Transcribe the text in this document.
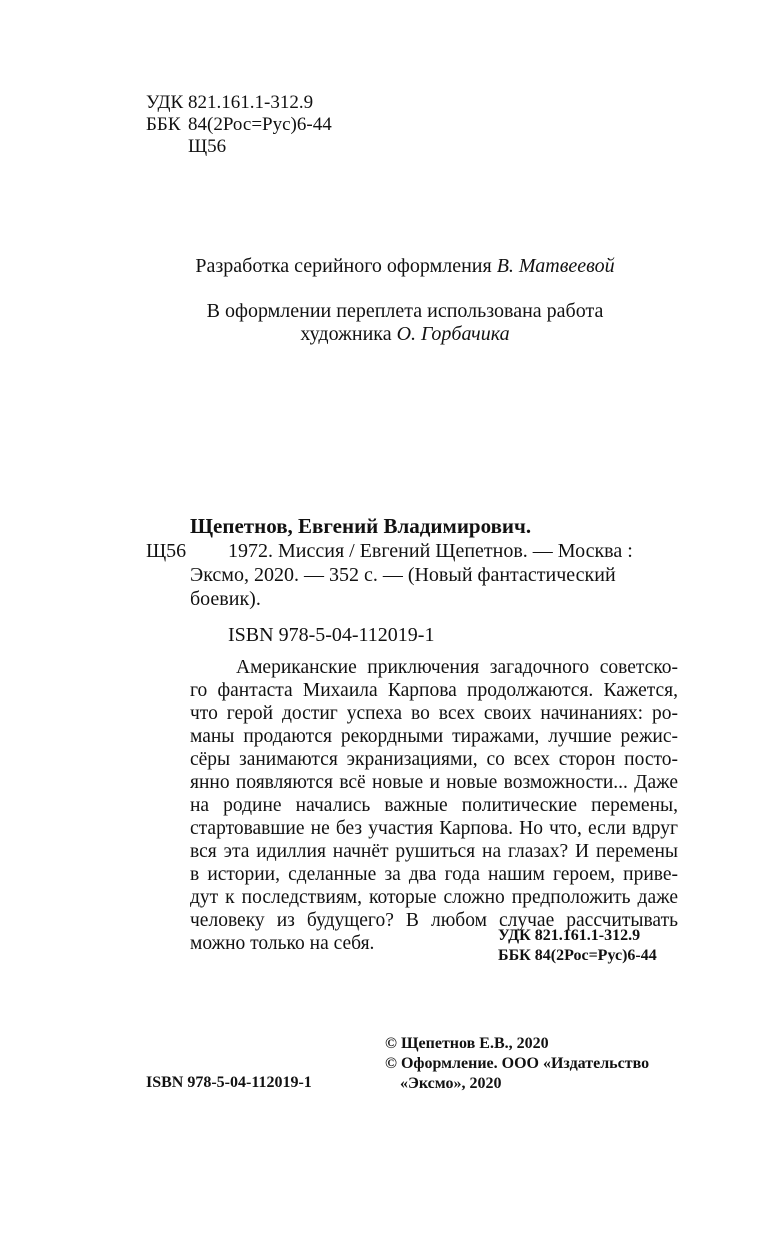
УДК 821.161.1-312.9
ББК 84(2Рос=Рус)6-44
Щ56
Разработка серийного оформления В. Матвеевой
В оформлении переплета использована работа
художника О. Горбачика
Щепетнов, Евгений Владимирович.
Щ56 1972. Миссия / Евгений Щепетнов. — Москва :
Эксмо, 2020. — 352 с. — (Новый фантастический
боевик).
ISBN 978-5-04-112019-1
Американские приключения загадочного советско-
го фантаста Михаила Карпова продолжаются. Кажется,
что герой достиг успеха во всех своих начинаниях: ро-
маны продаются рекордными тиражами, лучшие режис-
сёры занимаются экранизациями, со всех сторон посто-
янно появляются всё новые и новые возможности... Даже
на родине начались важные политические перемены,
стартовавшие не без участия Карпова. Но что, если вдруг
вся эта идиллия начнёт рушиться на глазах? И перемены
в истории, сделанные за два года нашим героем, приве-
дут к последствиям, которые сложно предположить даже
человеку из будущего? В любом случае рассчитывать
можно только на себя.	УДК 821.161.1-312.9
ББК 84(2Рос=Рус)6-44
© Щепетнов Е.В., 2020
© Оформление. ООО «Издательство
«Эксмо», 2020
ISBN 978-5-04-112019-1
